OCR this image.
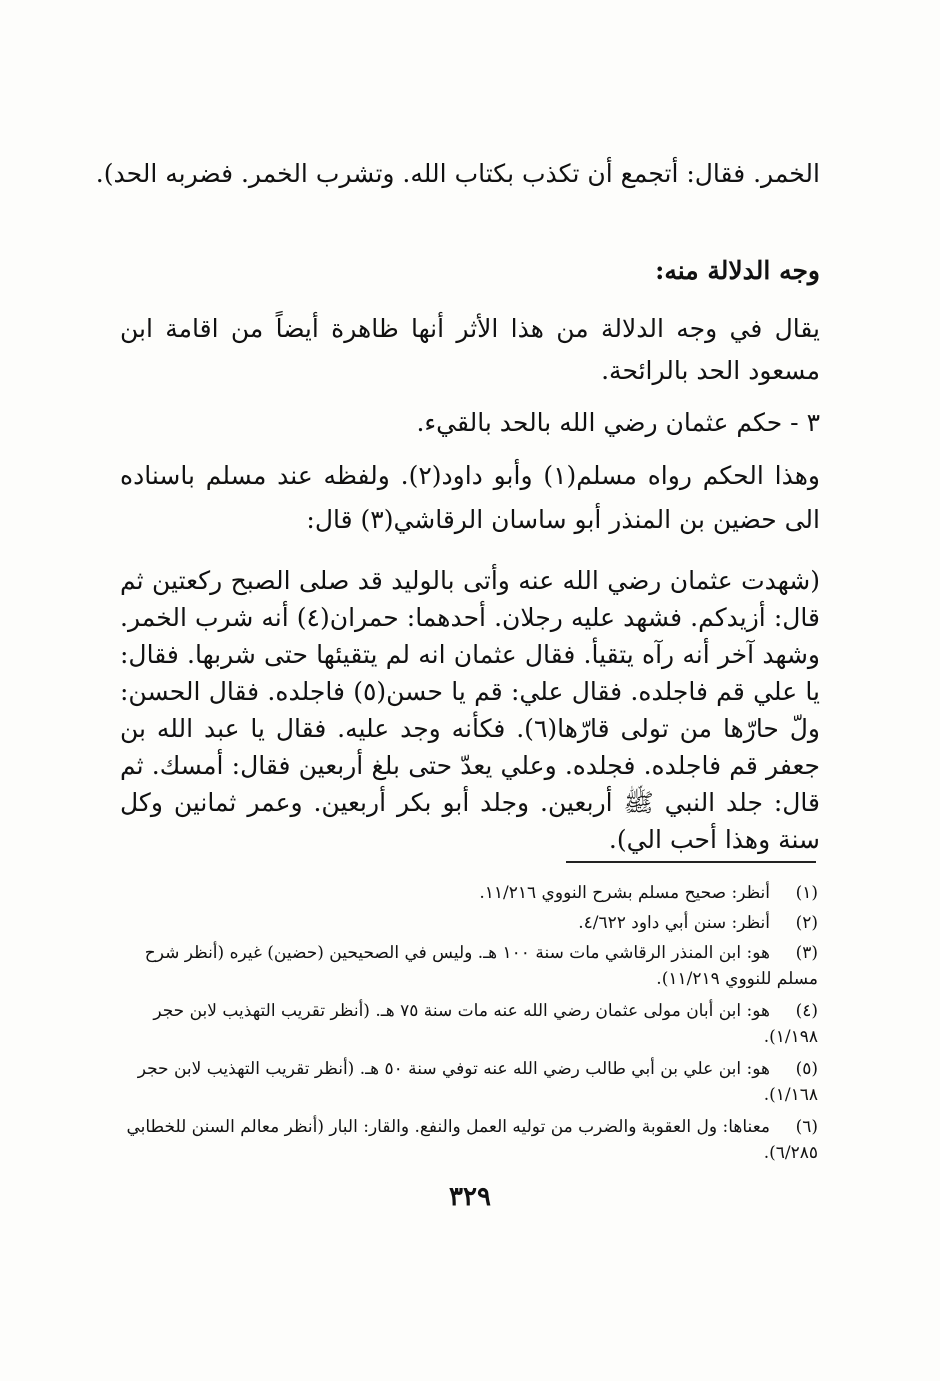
الخمر. فقال: أتجمع أن تكذب بكتاب الله. وتشرب الخمر. فضربه الحد).
وجه الدلالة منه:
يقال في وجه الدلالة من هذا الأثر أنها ظاهرة أيضاً من اقامة ابن مسعود الحد بالرائحة.
٣ - حكم عثمان رضي الله بالحد بالقيء.
وهذا الحكم رواه مسلم(١) وأبو داود(٢). ولفظه عند مسلم باسناده الى حضين بن المنذر أبو ساسان الرقاشي(٣) قال:
(شهدت عثمان رضي الله عنه وأتى بالوليد قد صلى الصبح ركعتين ثم قال: أزيدكم. فشهد عليه رجلان. أحدهما: حمران(٤) أنه شرب الخمر. وشهد آخر أنه رآه يتقيأ. فقال عثمان انه لم يتقيئها حتى شربها. فقال: يا علي قم فاجلده. فقال علي: قم يا حسن(٥) فاجلده. فقال الحسن: ولّ حارّها من تولى قارّها(٦). فكأنه وجد عليه. فقال يا عبد الله بن جعفر قم فاجلده. فجلده. وعلي يعدّ حتى بلغ أربعين فقال: أمسك. ثم قال: جلد النبي ﷺ أربعين. وجلد أبو بكر أربعين. وعمر ثمانين وكل سنة وهذا أحب الي).
(١)أنظر: صحيح مسلم بشرح النووي ١١/٢١٦.
(٢)أنظر: سنن أبي داود ٤/٦٢٢.
(٣)هو: ابن المنذر الرقاشي مات سنة ١٠٠ هـ. وليس في الصحيحين (حضين) غيره (أنظر شرح مسلم للنووي ١١/٢١٩).
(٤)هو: ابن أبان مولى عثمان رضي الله عنه مات سنة ٧٥ هـ. (أنظر تقريب التهذيب لابن حجر ١/١٩٨).
(٥)هو: ابن علي بن أبي طالب رضي الله عنه توفي سنة ٥٠ هـ. (أنظر تقريب التهذيب لابن حجر ١/١٦٨).
(٦)معناها: ول العقوبة والضرب من توليه العمل والنفع. والقار: البار (أنظر معالم السنن للخطابي ٦/٢٨٥).
٣٢٩
